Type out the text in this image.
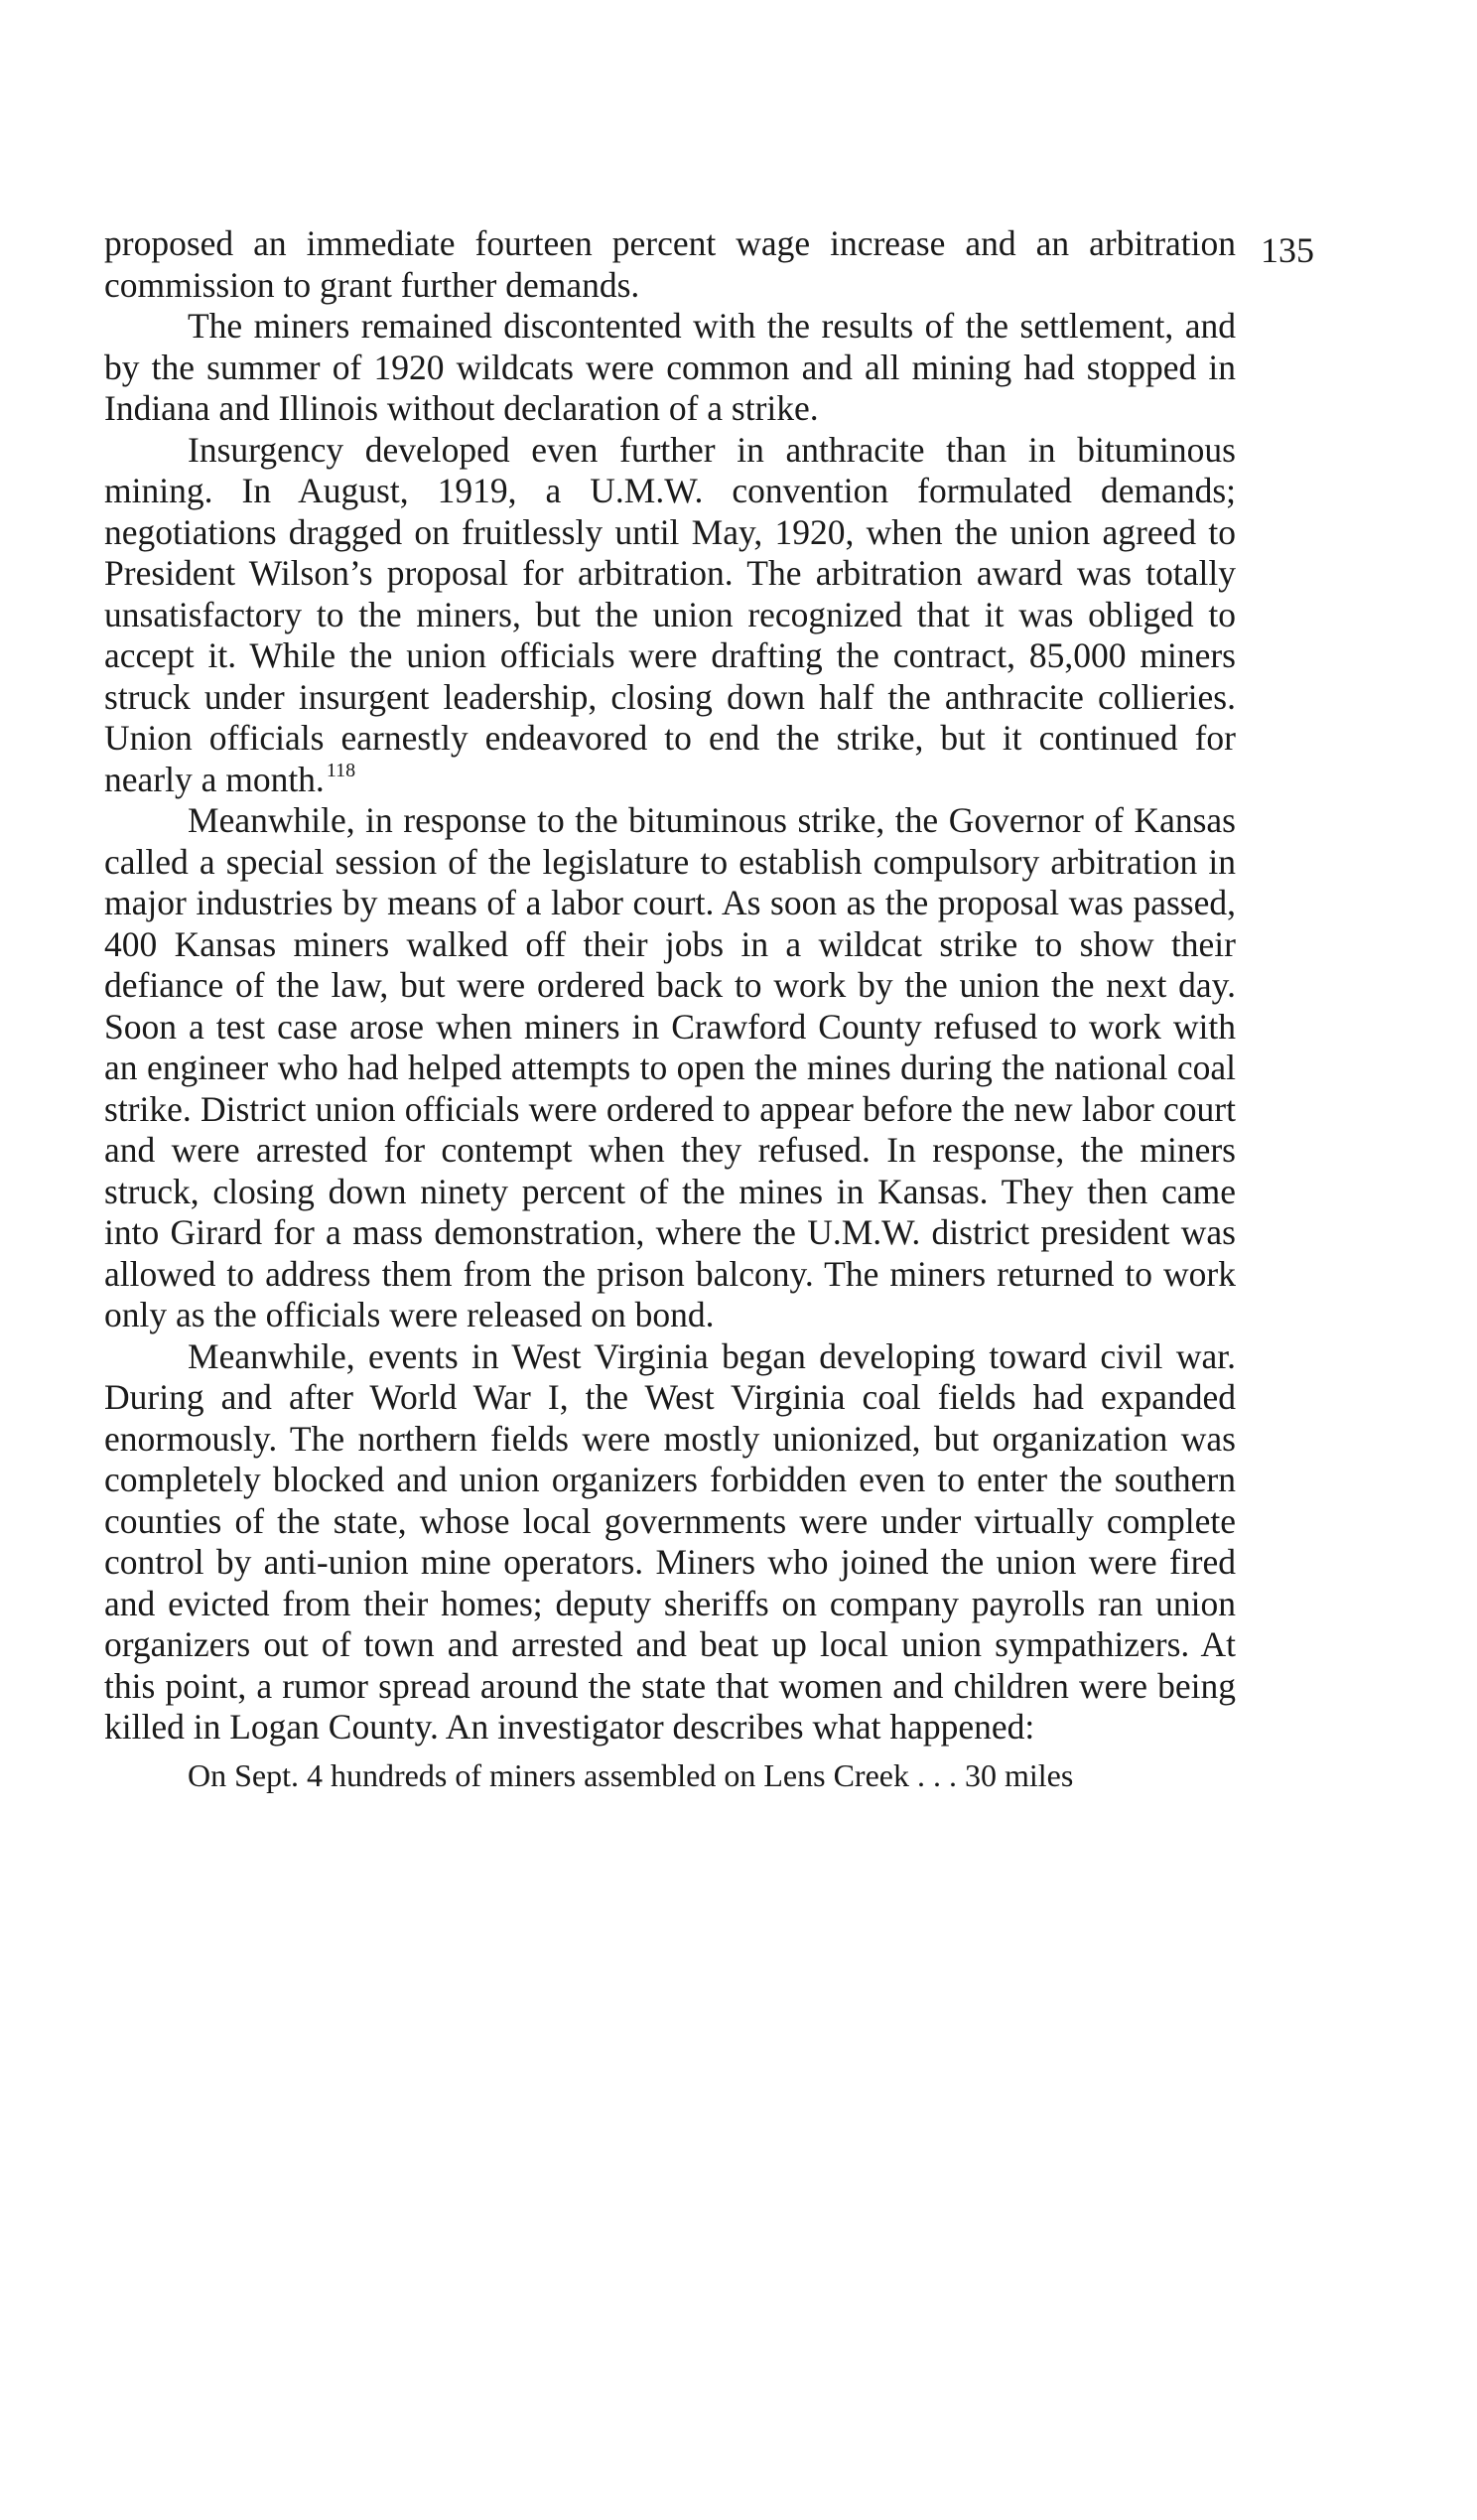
135

proposed an immediate fourteen percent wage increase and an arbitration commission to grant further demands.

The miners remained discontented with the results of the settlement, and by the summer of 1920 wildcats were common and all mining had stopped in Indiana and Illinois without declaration of a strike.

Insurgency developed even further in anthracite than in bituminous mining. In August, 1919, a U.M.W. convention formulated demands; negotiations dragged on fruitlessly until May, 1920, when the union agreed to President Wilson’s proposal for arbitration. The arbitration award was totally unsatisfactory to the miners, but the union recognized that it was obliged to accept it. While the union officials were drafting the contract, 85,000 miners struck under insurgent leadership, closing down half the anthracite collieries. Union officials earnestly endeavored to end the strike, but it continued for nearly a month. $^{118}$

Meanwhile, in response to the bituminous strike, the Governor of Kansas called a special session of the legislature to establish compulsory arbitration in major industries by means of a labor court. As soon as the proposal was passed, 400 Kansas miners walked off their jobs in a wildcat strike to show their defiance of the law, but were ordered back to work by the union the next day. Soon a test case arose when miners in Crawford County refused to work with an engineer who had helped attempts to open the mines during the national coal strike. District union officials were ordered to appear before the new labor court and were arrested for contempt when they refused. In response, the miners struck, closing down ninety percent of the mines in Kansas. They then came into Girard for a mass demonstration, where the U.M.W. district president was allowed to address them from the prison balcony. The miners returned to work only as the officials were released on bond.

Meanwhile, events in West Virginia began developing toward civil war. During and after World War I, the West Virginia coal fields had expanded enormously. The northern fields were mostly unionized, but organization was completely blocked and union organizers forbidden even to enter the southern counties of the state, whose local governments were under virtually complete control by anti-union mine operators. Miners who joined the union were fired and evicted from their homes; deputy sheriffs on company payrolls ran union organizers out of town and arrested and beat up local union sympathizers. At this point, a rumor spread around the state that women and children were being killed in Logan County. An investigator describes what happened:

On Sept. 4 hundreds of miners assembled on Lens Creek . . . 30 miles
